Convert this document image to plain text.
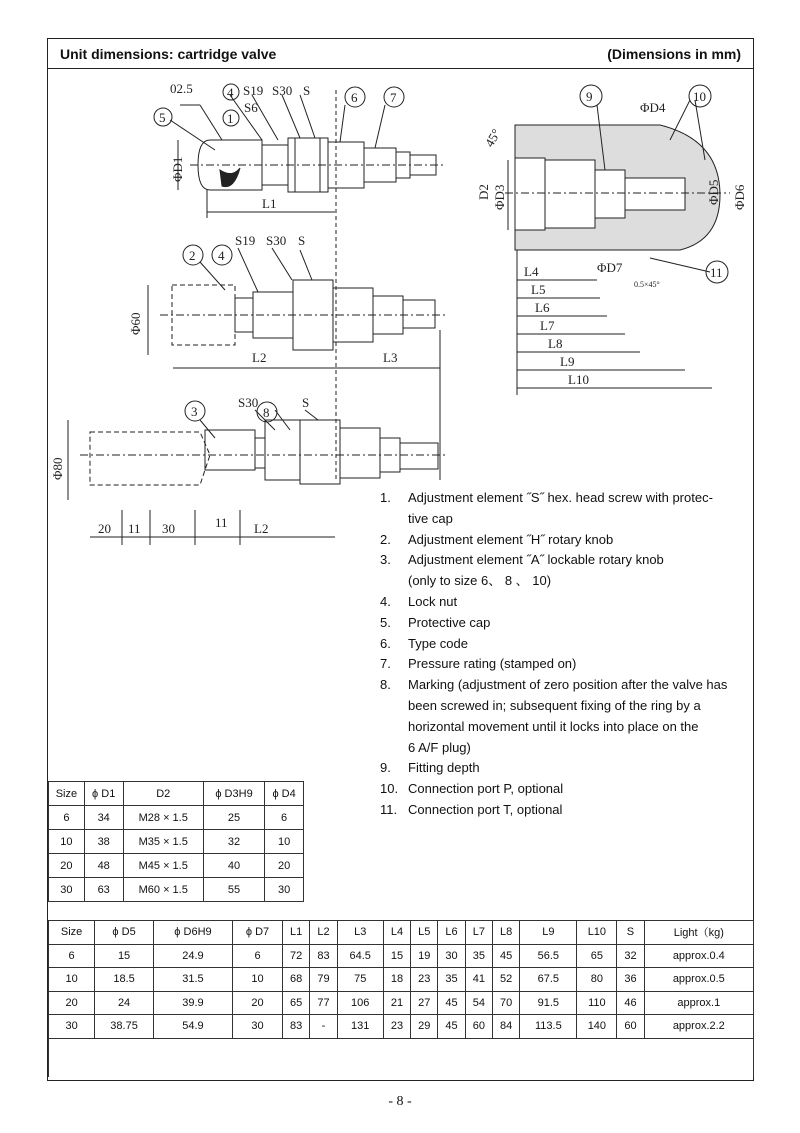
Unit dimensions: cartridge valve	(Dimensions in mm)
5
4
1
6	7
02.5	S19
S6
S30 S
ΦD1
L1
2 4
S19 S30 S
Φ60
L2	L3
3	8
S30	S
Φ80
20 11 30	11 L2
9	10
11
ΦD4
45°
D2 ΦD3	ΦD5 ΦD6
ΦD7
L4
L5
L6
L7
L8
L9
L10
0.5×45°
1. Adjustment element ˝S˝ hex. head screw with protec-
tive cap
2. Adjustment element ˝H˝ rotary knob
3. Adjustment element ˝A˝ lockable rotary knob
(only to size 6、 8 、 10)
4. Lock nut
5. Protective cap
6. Type code
7. Pressure rating (stamped on)
8. Marking (adjustment of zero position after the valve has
been screwed in; subsequent fixing of the ring by a
horizontal movement until it locks into place on the
6 A/F plug)
9. Fitting depth
10. Connection port P, optional
11. Connection port T, optional
Size	ϕ D1	D2	ϕ D3H9	ϕ D4
6	34	M28 × 1.5	25	6
10	38	M35 × 1.5	32	10
20	48	M45 × 1.5	40	20
30	63	M60 × 1.5	55	30
Size	ϕ D5	ϕ D6H9	ϕ D7	L1	L2	L3	L4	L5	L6	L7	L8	L9	L10	S	Light（kg)
6	15	24.9	6	72	83	64.5	15	19	30	35	45	56.5	65	32	approx.0.4
10	18.5	31.5	10	68	79	75	18	23	35	41	52	67.5	80	36	approx.0.5
20	24	39.9	20	65	77	106	21	27	45	54	70	91.5	110	46	approx.1
30	38.75	54.9	30	83	-	131	23	29	45	60	84	113.5	140	60	approx.2.2

- 8 -
